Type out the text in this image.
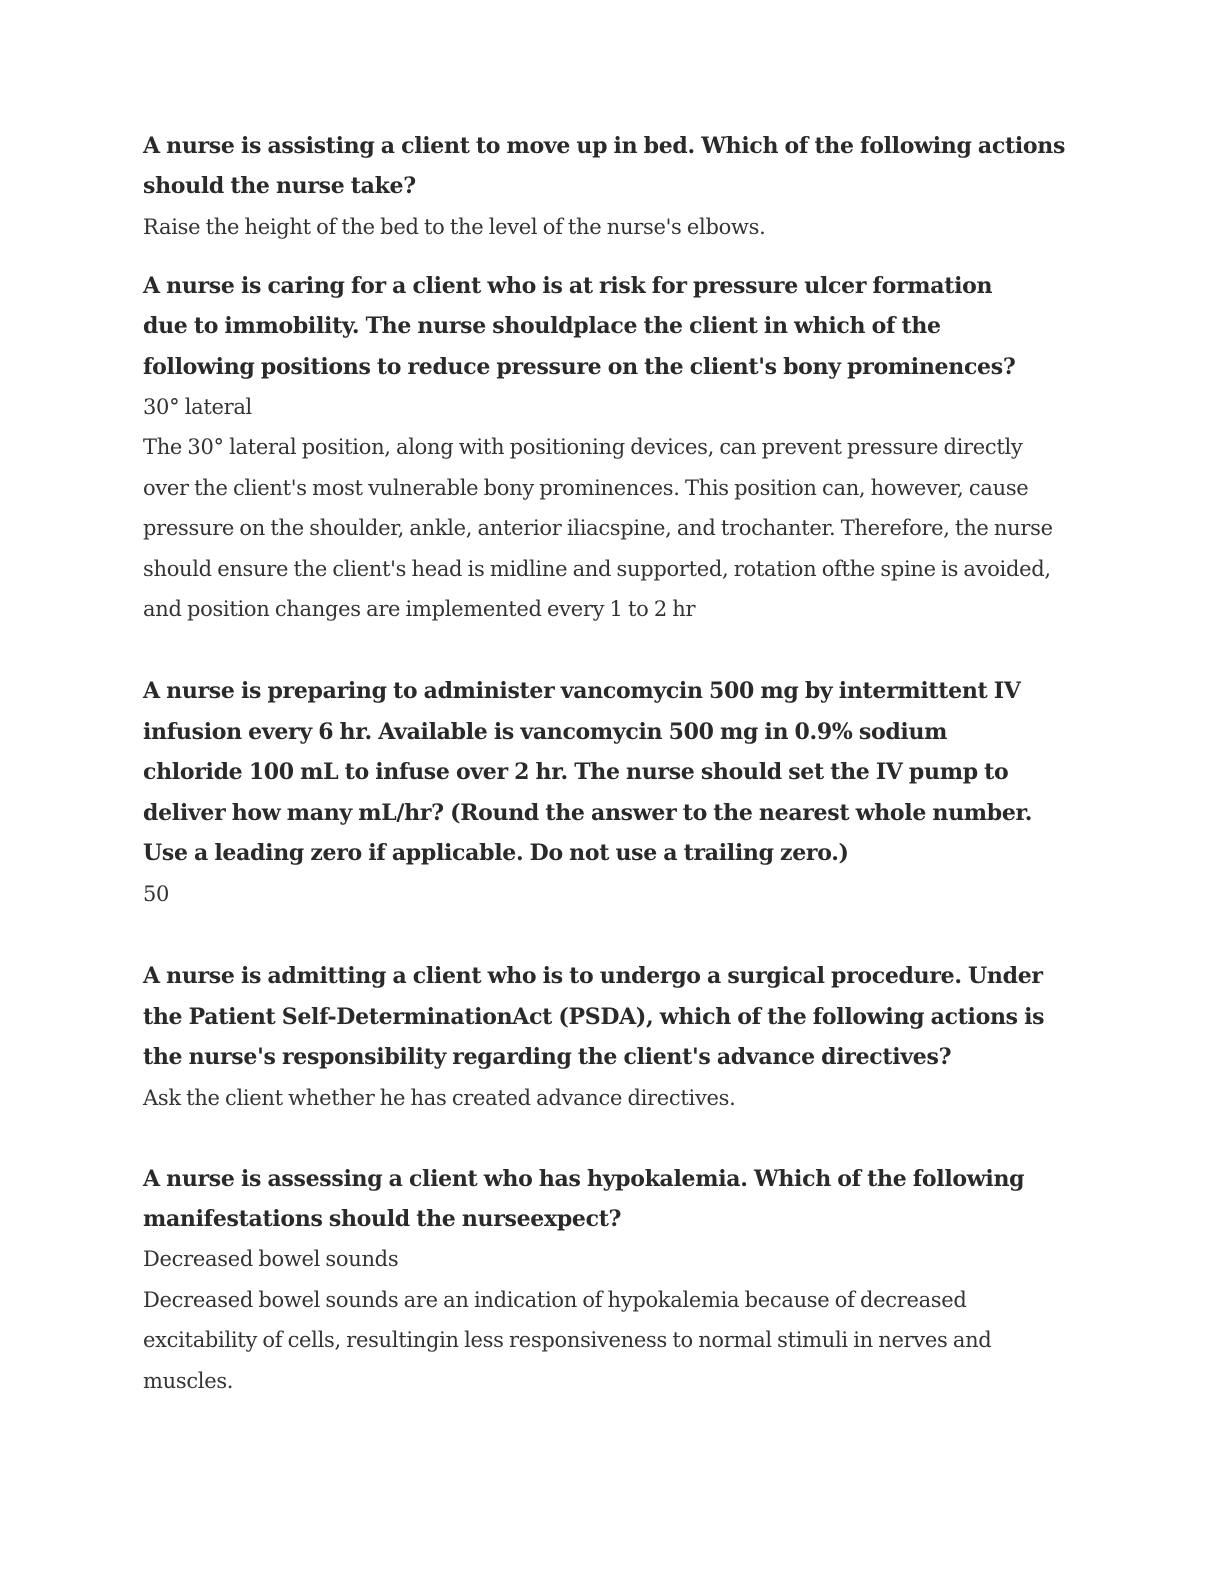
A nurse is assisting a client to move up in bed. Which of the following actions

should the nurse take?

Raise the height of the bed to the level of the nurse's elbows.

A nurse is caring for a client who is at risk for pressure ulcer formation

due to immobility. The nurse shouldplace the client in which of the

following positions to reduce pressure on the client's bony prominences?

30° lateral

The 30° lateral position, along with positioning devices, can prevent pressure directly

over the client's most vulnerable bony prominences. This position can, however, cause

pressure on the shoulder, ankle, anterior iliacspine, and trochanter. Therefore, the nurse

should ensure the client's head is midline and supported, rotation ofthe spine is avoided,

and position changes are implemented every 1 to 2 hr

A nurse is preparing to administer vancomycin 500 mg by intermittent IV

infusion every 6 hr. Available is vancomycin 500 mg in 0.9% sodium

chloride 100 mL to infuse over 2 hr. The nurse should set the IV pump to

deliver how many mL/hr? (Round the answer to the nearest whole number.

Use a leading zero if applicable. Do not use a trailing zero.)

50

A nurse is admitting a client who is to undergo a surgical procedure. Under

the Patient Self-DeterminationAct (PSDA), which of the following actions is

the nurse's responsibility regarding the client's advance directives?

Ask the client whether he has created advance directives.

A nurse is assessing a client who has hypokalemia. Which of the following

manifestations should the nurseexpect?

Decreased bowel sounds

Decreased bowel sounds are an indication of hypokalemia because of decreased

excitability of cells, resultingin less responsiveness to normal stimuli in nerves and

muscles.
